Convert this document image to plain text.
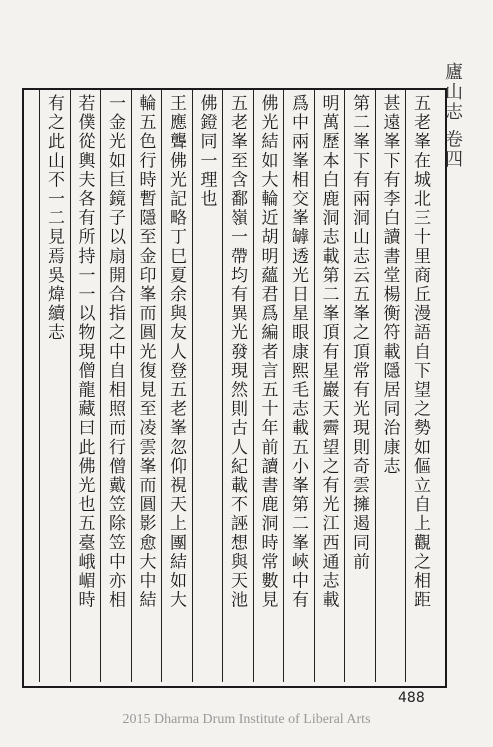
廬山志 卷四
五老峯在城北三十里商丘漫語自下望之勢如傴立自上觀之相距
甚遠峯下有李白讀書堂楊衡符載隱居同治康志
第二峯下有兩洞山志云五峯之頂常有光現則奇雲擁遏同前
明萬歷本白鹿洞志載第二峯頂有星巖天霽望之有光江西通志載
爲中兩峯相交峯罅透光日星眼康熙毛志載五小峯第二峯峽中有
佛光結如大輪近胡明蘊君爲編者言五十年前讀書鹿洞時常數見
五老峯至含鄱嶺一帶均有異光發現然則古人紀載不誣想與天池
佛鐙同一理也
王應聾佛光記略丁巳夏余與友人登五老峯忽仰視天上團結如大
輪五色行時暫隱至金印峯而圓光復見至凌雲峯而圓影愈大中結
一金光如巨鏡子以扇開合指之中自相照而行僧戴笠除笠中亦相
若僕從輿夫各有所持一一以物現僧龍藏曰此佛光也五臺峨嵋時
有之此山不一二見焉吳煒續志
488
2015 Dharma Drum Institute of Liberal Arts
